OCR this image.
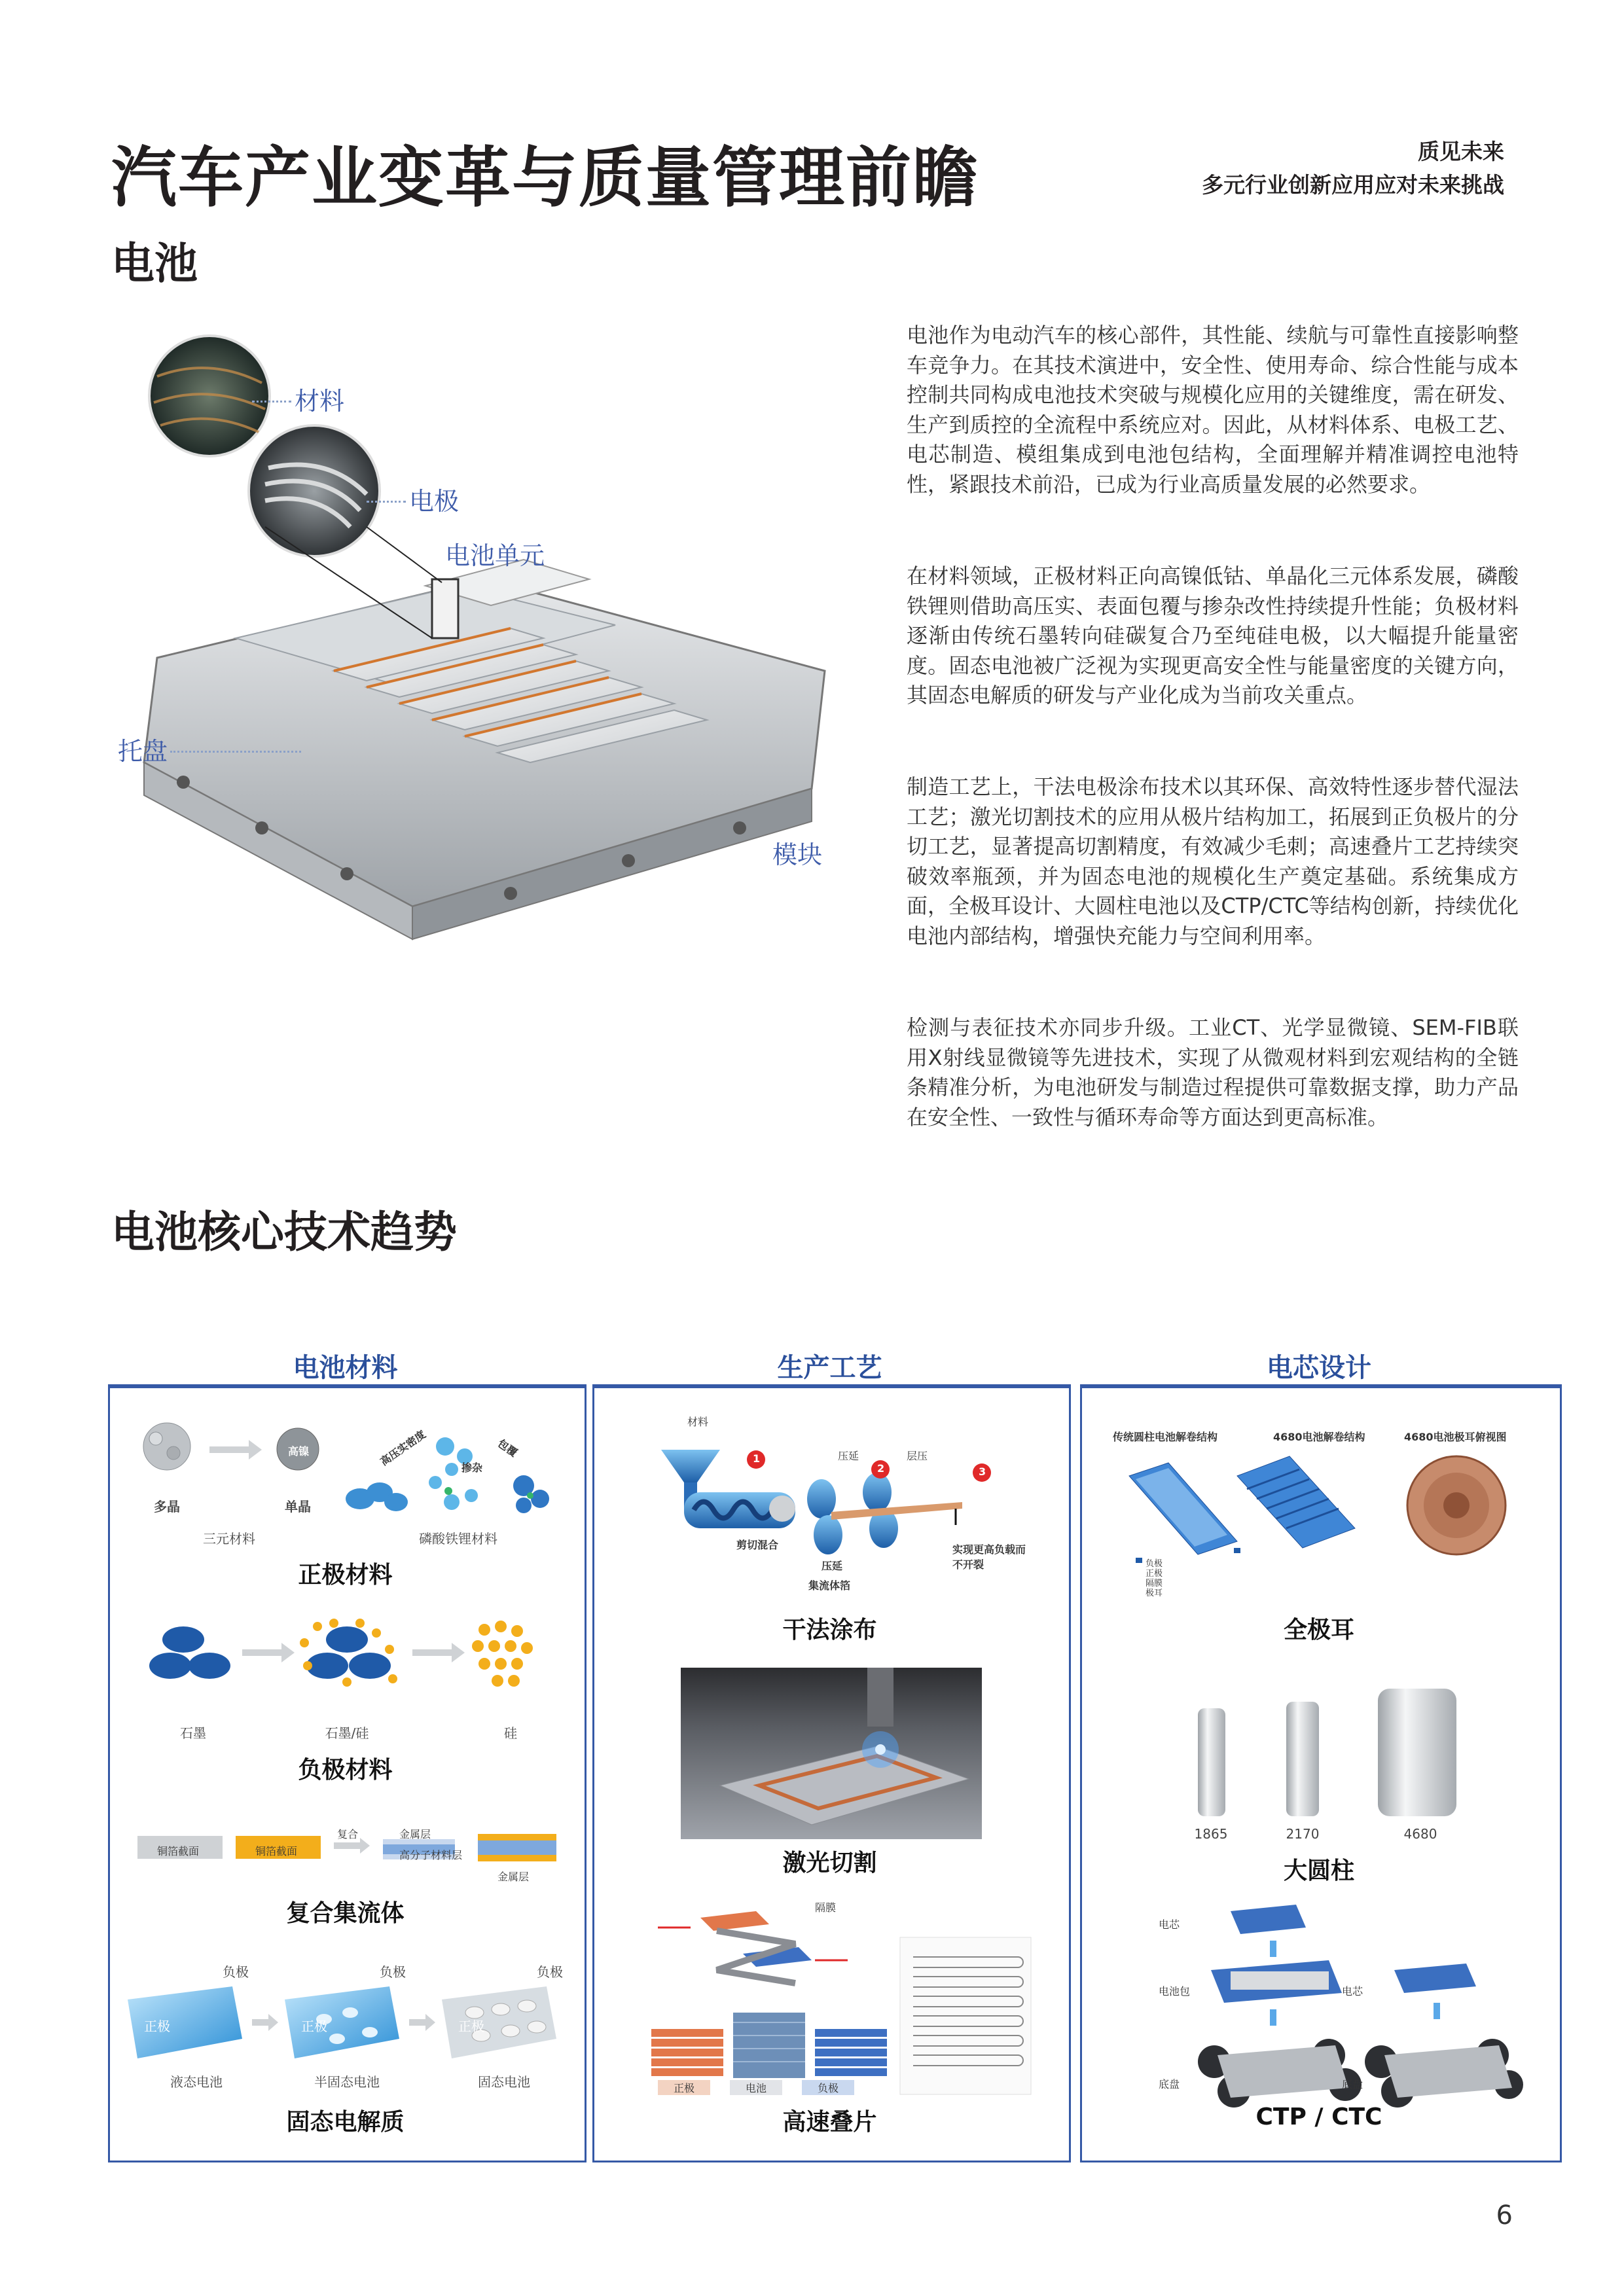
汽车产业变革与质量管理前瞻
电池
质见未来
多元行业创新应用应对未来挑战
材料
电极
电池单元
托盘
模块
电池作为电动汽车的核心部件，其性能、续航与可靠性直接影响整车竞争力。在其技术演进中，安全性、使用寿命、综合性能与成本控制共同构成电池技术突破与规模化应用的关键维度，需在研发、生产到质控的全流程中系统应对。因此，从材料体系、电极工艺、电芯制造、模组集成到电池包结构，全面理解并精准调控电池特性，紧跟技术前沿，已成为行业高质量发展的必然要求。
在材料领域，正极材料正向高镍低钴、单晶化三元体系发展，磷酸铁锂则借助高压实、表面包覆与掺杂改性持续提升性能；负极材料逐渐由传统石墨转向硅碳复合乃至纯硅电极，以大幅提升能量密度。固态电池被广泛视为实现更高安全性与能量密度的关键方向，其固态电解质的研发与产业化成为当前攻关重点。
制造工艺上，干法电极涂布技术以其环保、高效特性逐步替代湿法工艺；激光切割技术的应用从极片结构加工，拓展到正负极片的分切工艺，显著提高切割精度，有效减少毛刺；高速叠片工艺持续突破效率瓶颈，并为固态电池的规模化生产奠定基础。系统集成方面，全极耳设计、大圆柱电池以及CTP/CTC等结构创新，持续优化电池内部结构，增强快充能力与空间利用率。
检测与表征技术亦同步升级。工业CT、光学显微镜、SEM-FIB联用X射线显微镜等先进技术，实现了从微观材料到宏观结构的全链条精准分析，为电池研发与制造过程提供可靠数据支撑，助力产品在安全性、一致性与循环寿命等方面达到更高标准。
电池核心技术趋势
电池材料	生产工艺	电芯设计
多晶	单晶
高镍	高压实密度	掺杂
包覆
三元材料	磷酸铁锂材料
正极材料
石墨	石墨/硅	硅
负极材料
铜箔截面	铜箔截面
复合	金属层
高分子材料层
金属层
复合集流体
负极	负极	负极
正极	正极	正极
液态电池	半固态电池	固态电池
固态电解质
材料
1
2	3
压延	层压
剪切混合
压延
集流体箔
实现更高负载而不开裂
干法涂布
激光切割
隔膜
正极	电池	负极
高速叠片
传统圆柱电池解卷结构	4680电池解卷结构	4680电池极耳俯视图
负极
正极
隔膜
极耳
全极耳
1865	2170	4680
大圆柱
电芯
电池包
底盘
电芯
底盘
CTP / CTC
6
